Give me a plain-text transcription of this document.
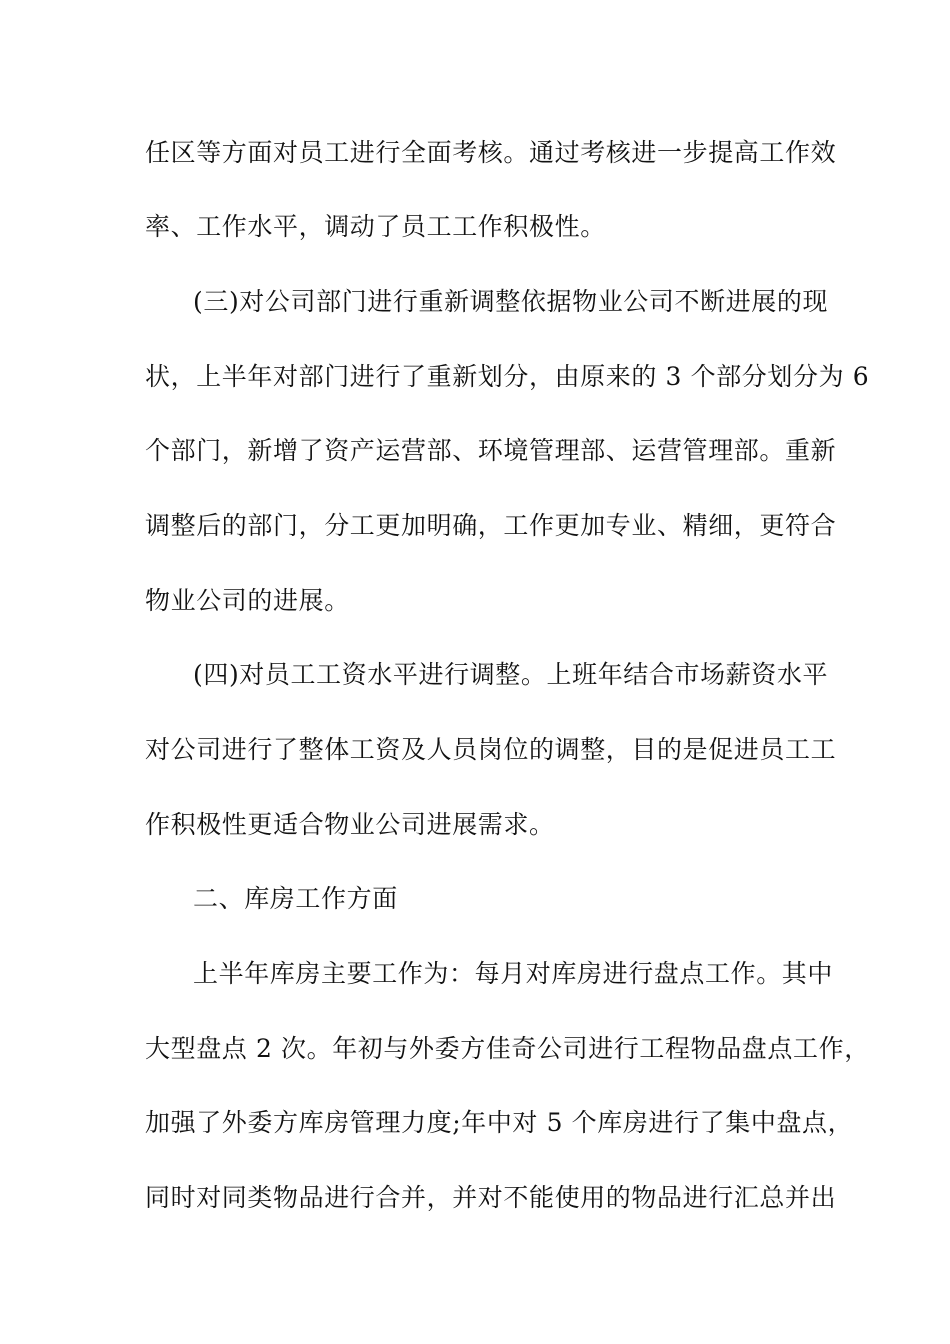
任区等方面对员工进行全面考核。通过考核进一步提高工作效
率、工作水平，调动了员工工作积极性。
(三)对公司部门进行重新调整依据物业公司不断进展的现
状，上半年对部门进行了重新划分，由原来的 3 个部分划分为 6
个部门，新增了资产运营部、环境管理部、运营管理部。重新
调整后的部门，分工更加明确，工作更加专业、精细，更符合
物业公司的进展。
(四)对员工工资水平进行调整。上班年结合市场薪资水平
对公司进行了整体工资及人员岗位的调整，目的是促进员工工
作积极性更适合物业公司进展需求。
二、库房工作方面
上半年库房主要工作为：每月对库房进行盘点工作。其中
大型盘点 2 次。年初与外委方佳奇公司进行工程物品盘点工作，
加强了外委方库房管理力度;年中对 5 个库房进行了集中盘点，
同时对同类物品进行合并，并对不能使用的物品进行汇总并出
